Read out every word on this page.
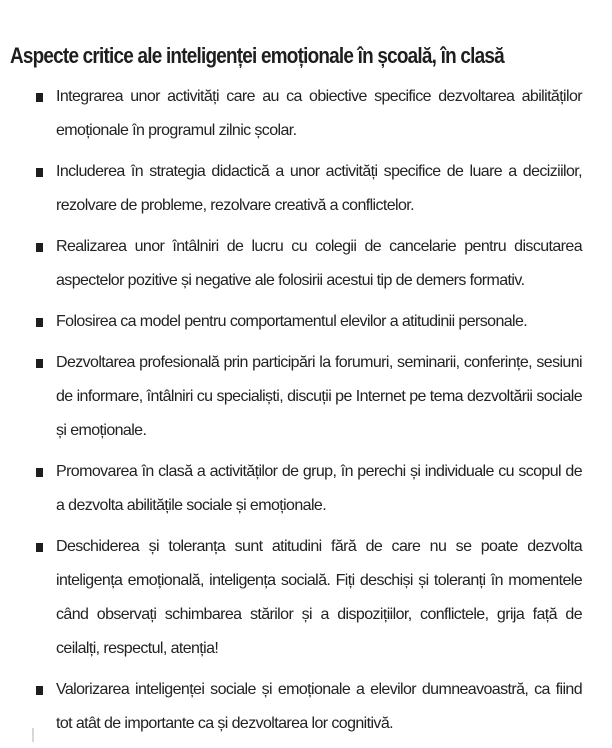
Aspecte critice ale inteligenței emoționale în școală, în clasă
Integrarea unor activități care au ca obiective specifice dezvoltarea abilităților emoționale în programul zilnic școlar.
Includerea în strategia didactică a unor activități specifice de luare a deciziilor, rezolvare de probleme, rezolvare creativă a conflictelor.
Realizarea unor întâlniri de lucru cu colegii de cancelarie pentru discutarea aspectelor pozitive și negative ale folosirii acestui tip de demers formativ.
Folosirea ca model pentru comportamentul elevilor a atitudinii personale.
Dezvoltarea profesională prin participări la forumuri, seminarii, conferințe, sesiuni de informare, întâlniri cu specialiști, discuții pe Internet pe tema dezvoltării sociale și emoționale.
Promovarea în clasă a activităților de grup, în perechi și individuale cu scopul de a dezvolta abilitățile sociale și emoționale.
Deschiderea și toleranța sunt atitudini fără de care nu se poate dezvolta inteligența emoțională, inteligența socială. Fiți deschiși și toleranți în momentele când observați schimbarea stărilor și a dispozițiilor, conflictele, grija față de ceilalți, respectul, atenția!
Valorizarea inteligenței sociale și emoționale a elevilor dumneavoastră, ca fiind tot atât de importante ca și dezvoltarea lor cognitivă.
